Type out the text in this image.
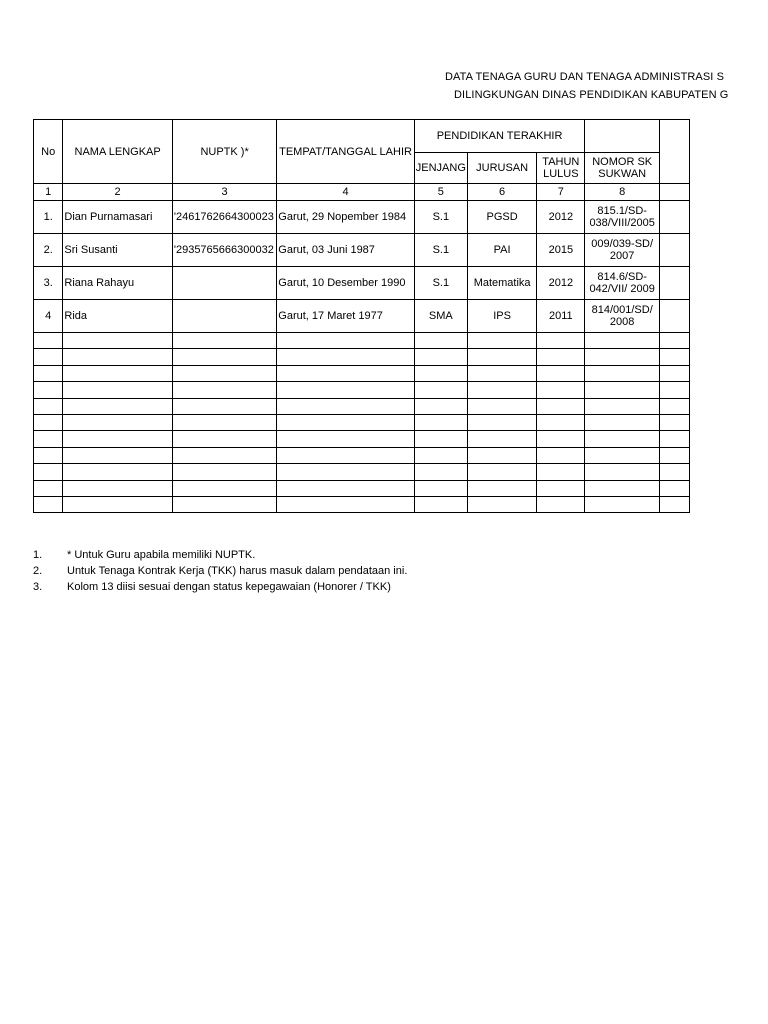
DATA TENAGA GURU DAN TENAGA ADMINISTRASI S
DILINGKUNGAN DINAS PENDIDIKAN KABUPATEN G
No	NAMA LENGKAP	NUPTK )*	TEMPAT/TANGGAL LAHIR	PENDIDIKAN TERAKHIR				
				JENJANG	JURUSAN	TAHUN LULUS	NOMOR SK SUKWAN	
1	2	3	4	5	6	7	8	
1.	Dian Purnamasari	'2461762664300023	Garut, 29 Nopember 1984	S.1	PGSD	2012	815.1/SD-038/VIII/2005	
2.	Sri Susanti	'2935765666300032	Garut, 03 Juni 1987	S.1	PAI	2015	009/039-SD/ 2007	
3.	Riana Rahayu		Garut, 10 Desember 1990	S.1	Matematika	2012	814.6/SD-042/VII/ 2009	
4	Rida		Garut, 17 Maret 1977	SMA	IPS	2011	814/001/SD/ 2008	

1. * Untuk Guru apabila memiliki NUPTK.
2. Untuk Tenaga Kontrak Kerja (TKK) harus masuk dalam pendataan ini.
3. Kolom 13 diisi sesuai dengan status kepegawaian (Honorer / TKK)
